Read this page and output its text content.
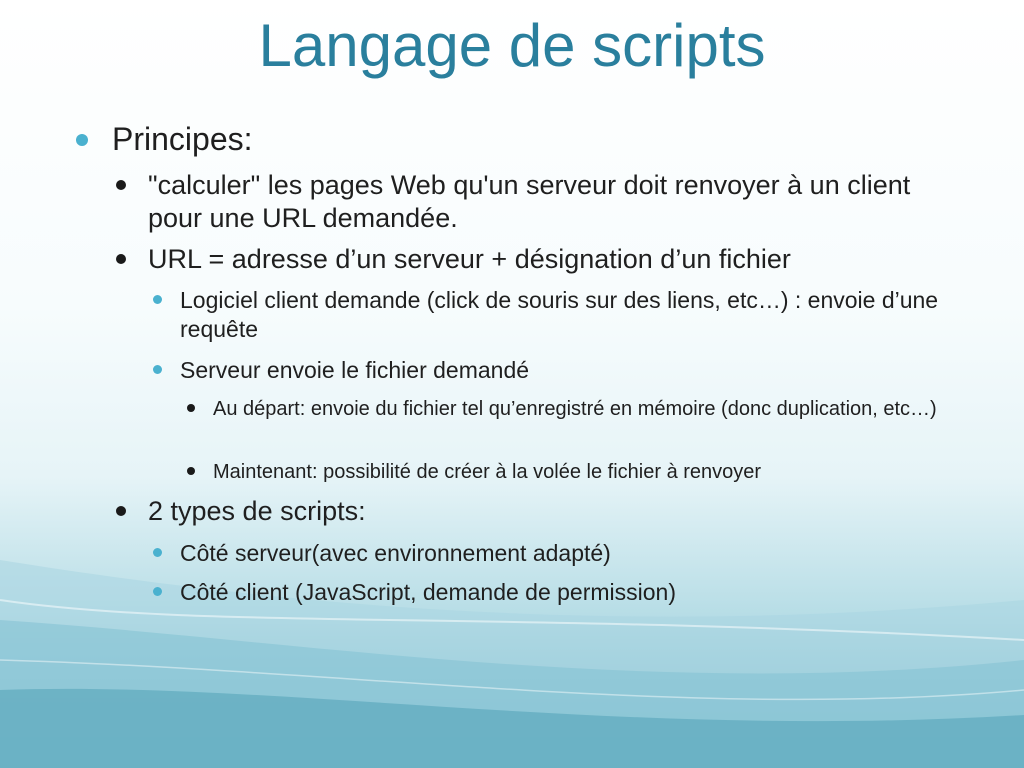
Langage de scripts
Principes:
"calculer" les pages Web qu'un serveur doit renvoyer à un client pour une URL demandée.
URL = adresse d’un serveur + désignation d’un fichier
Logiciel client demande (click de souris sur des liens, etc…) : envoie d’une requête
Serveur envoie le fichier demandé
Au départ: envoie du fichier tel qu’enregistré en mémoire (donc duplication, etc…)
Maintenant: possibilité de créer à la volée le fichier à renvoyer
2 types de scripts:
Côté serveur(avec environnement adapté)
Côté client (JavaScript, demande de permission)
